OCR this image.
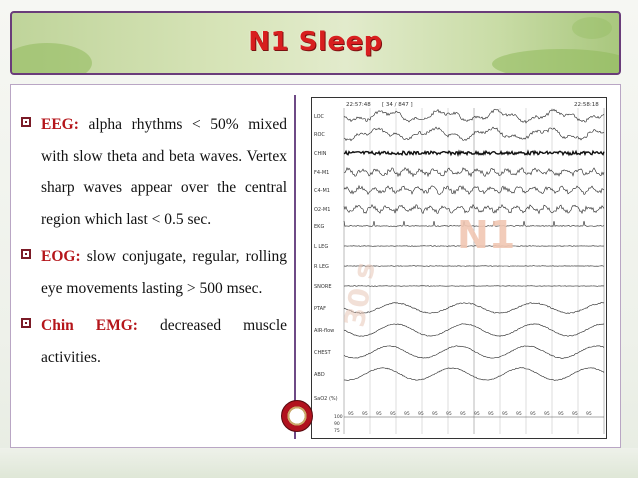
N1 Sleep
EEG: alpha rhythms < 50% mixed with slow theta and beta waves. Vertex sharp waves appear over the central region which last < 0.5 sec.
EOG: slow conjugate, regular, rolling eye movements lasting > 500 msec.
Chin EMG: decreased muscle activities.
22:57:48 [ 34 / 847 ]	22:58:18
LOC
ROC
CHIN
F4-M1
C4-M1
O2-M1
EKG
L LEG
R LEG
SNORE
PTAF
AIR-flow
CHEST
ABD
SaO2 (%)
100
90
75
95 95 95 95 95 95 95 95 95 95 95 95 95 95 95 95 95 95
30 s
N1
